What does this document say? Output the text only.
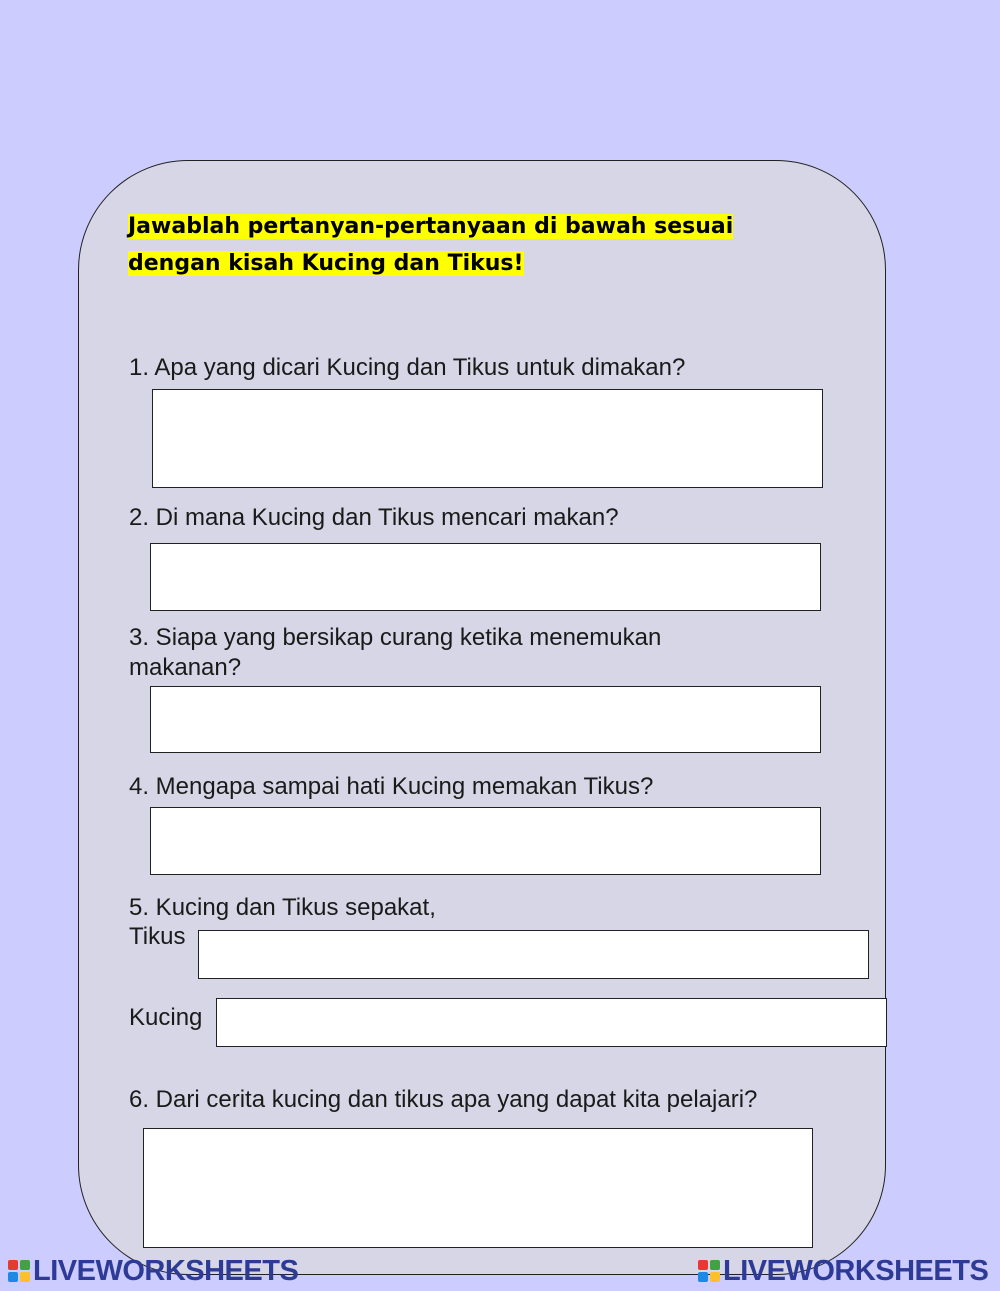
Jawablah pertanyan-pertanyaan di bawah sesuai
dengan kisah Kucing dan Tikus!
1. Apa yang dicari Kucing dan Tikus untuk dimakan?
2. Di mana Kucing dan Tikus mencari makan?
3. Siapa yang bersikap curang ketika menemukan makanan?
4. Mengapa sampai hati Kucing memakan Tikus?
5. Kucing dan Tikus sepakat,
Tikus
Kucing
6. Dari cerita kucing dan tikus apa yang dapat kita pelajari?
LIVEWORKSHEETS	LIVEWORKSHEETS
